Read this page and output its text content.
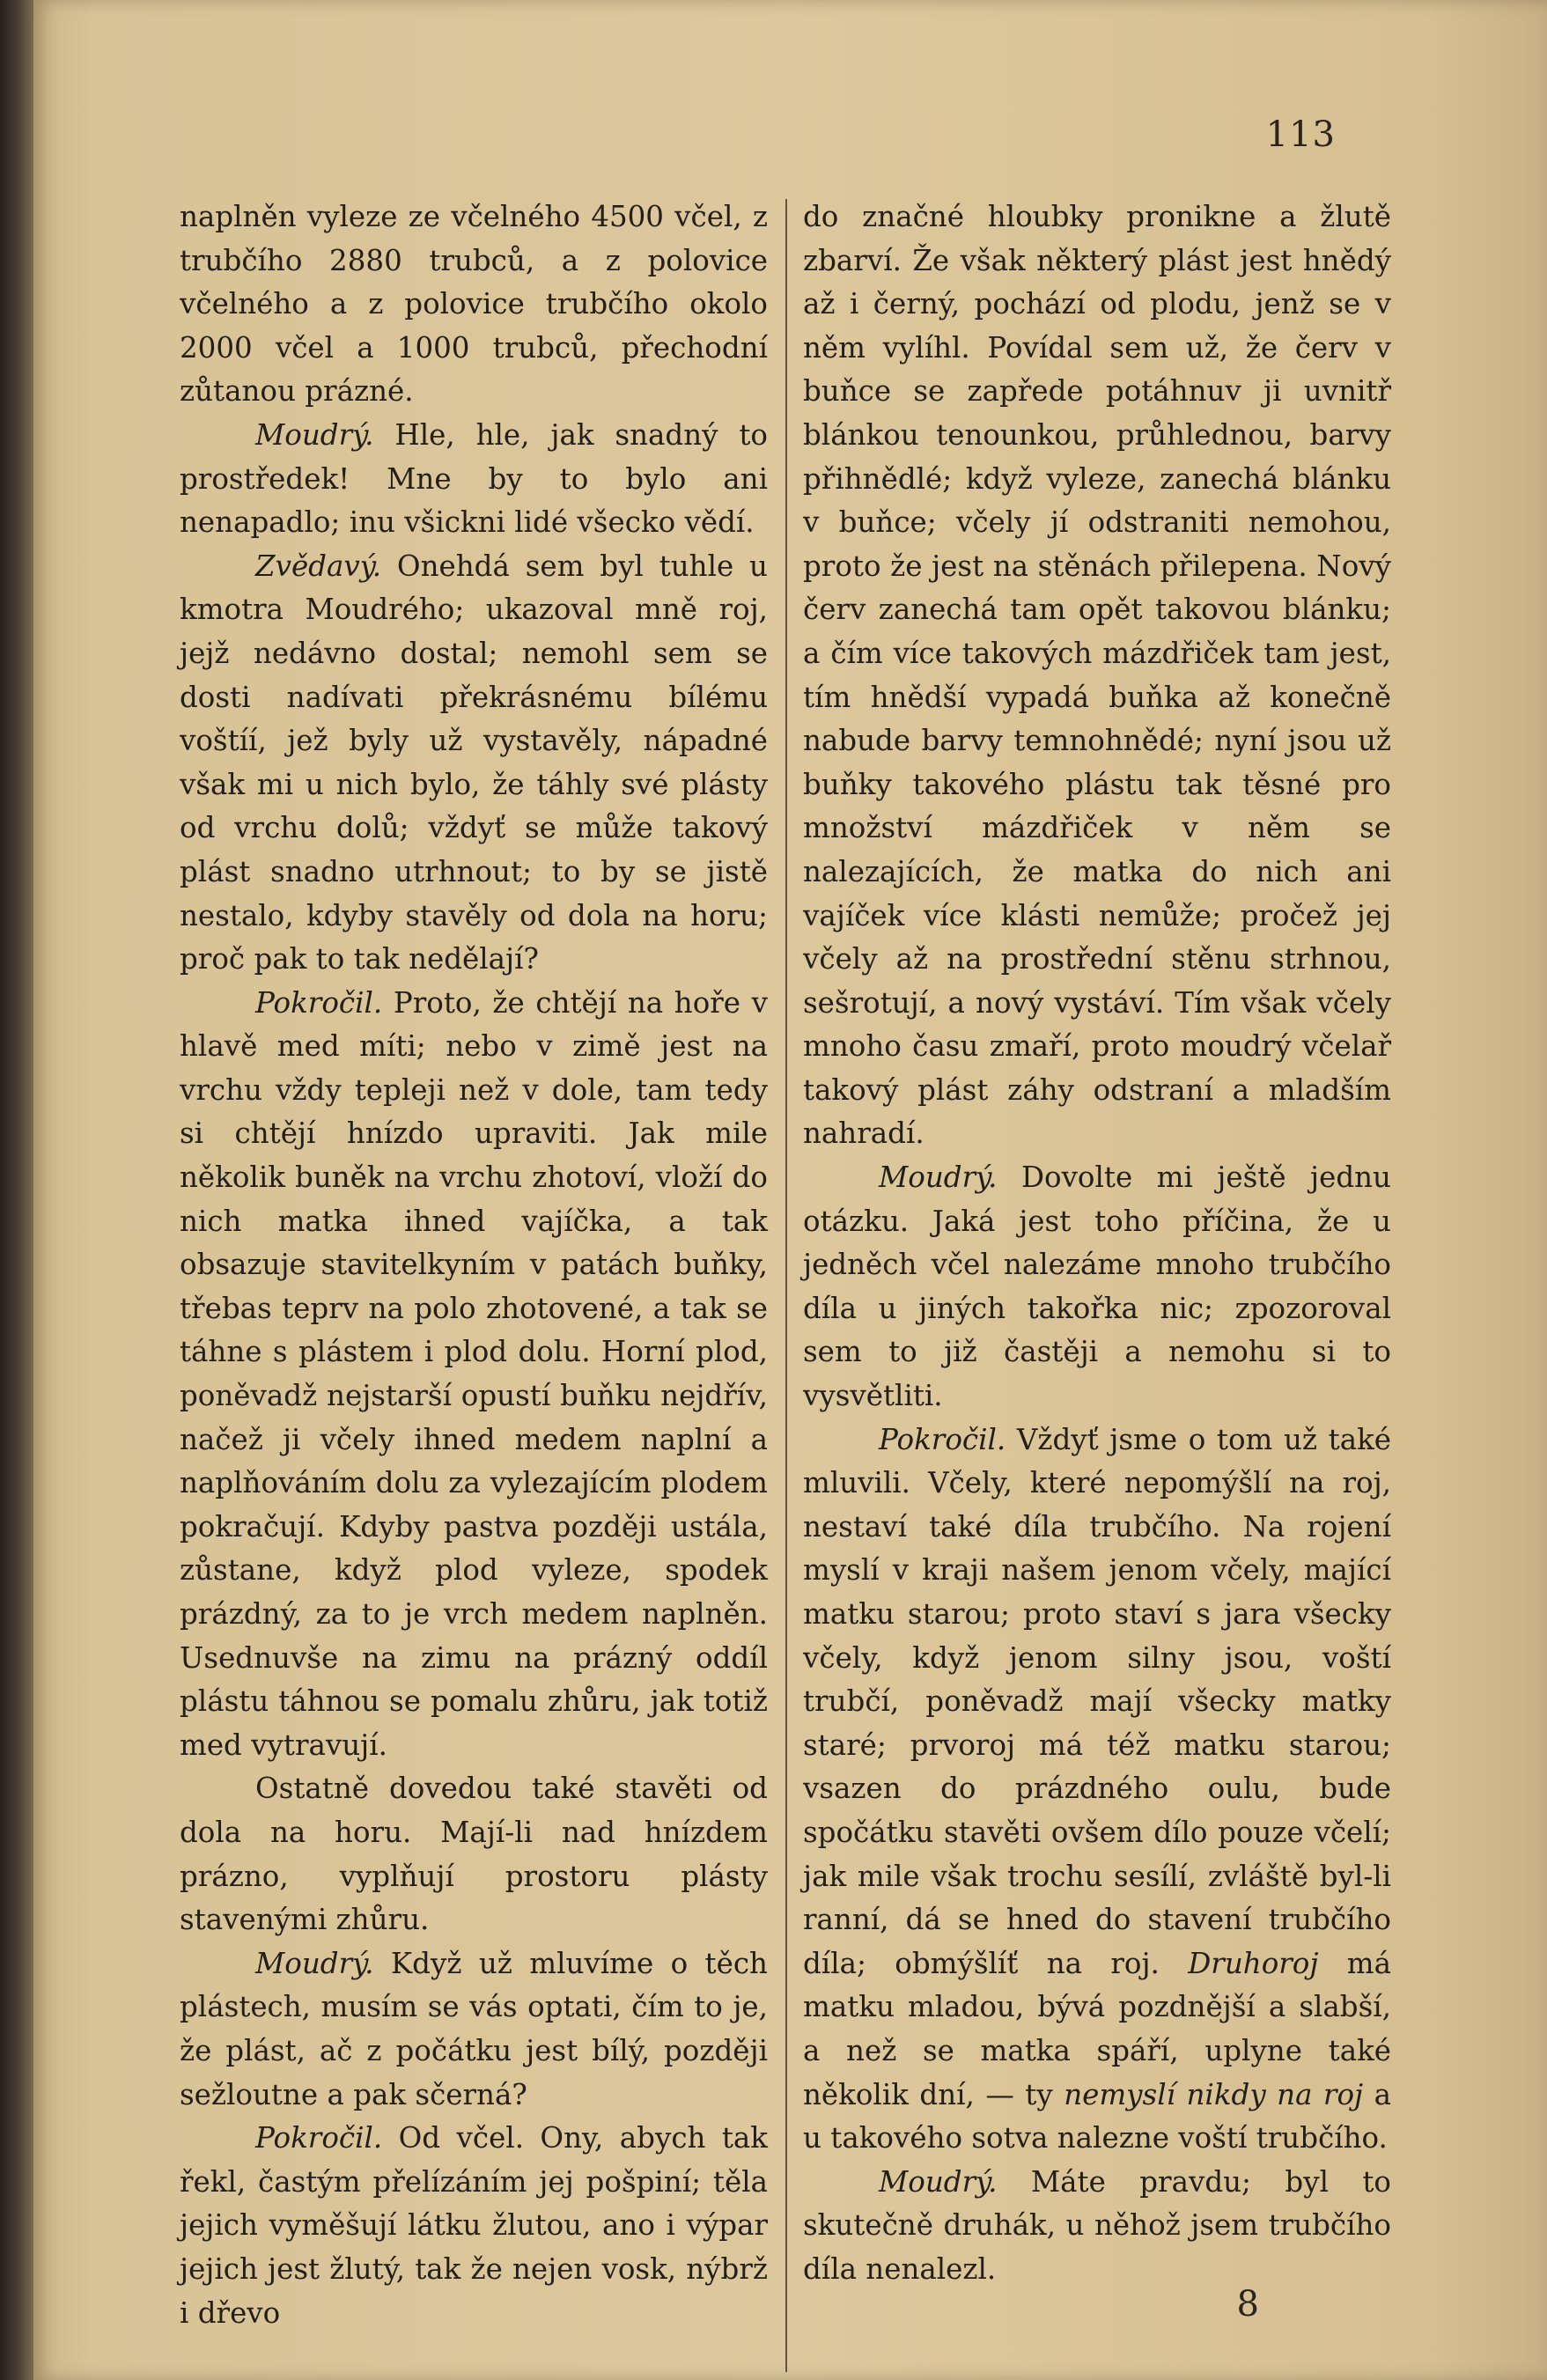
113

naplněn vyleze ze včelného 4500 včel, z trubčího 2880 trubců, a z polovice včelného a z polovice trubčího okolo 2000 včel a 1000 trubců, přechodní zůtanou prázné.

Moudrý. Hle, hle, jak snadný to prostředek! Mne by to bylo ani nenapadlo; inu všickni lidé všecko vědí.

Zvědavý. Onehdá sem byl tuhle u kmotra Moudrého; ukazoval mně roj, jejž nedávno dostal; nemohl sem se dosti nadívati překrásnému bílému voštíí, jež byly už vystavěly, nápadné však mi u nich bylo, že táhly své plásty od vrchu dolů; vždyť se může takový plást snadno utrhnout; to by se jistě nestalo, kdyby stavěly od dola na horu; proč pak to tak nedělají?

Pokročil. Proto, že chtějí na hoře v hlavě med míti; nebo v zimě jest na vrchu vždy tepleji než v dole, tam tedy si chtějí hnízdo upraviti. Jak mile několik buněk na vrchu zhotoví, vloží do nich matka ihned vajíčka, a tak obsazuje stavitelkyním v patách buňky, třebas teprv na polo zhotovené, a tak se táhne s plástem i plod dolu. Horní plod, poněvadž nejstarší opustí buňku nejdřív, načež ji včely ihned medem naplní a naplňováním dolu za vylezajícím plodem pokračují. Kdyby pastva později ustála, zůstane, když plod vyleze, spodek prázdný, za to je vrch medem naplněn. Usednuvše na zimu na prázný oddíl plástu táhnou se pomalu zhůru, jak totiž med vytravují.

Ostatně dovedou také stavěti od dola na horu. Mají-li nad hnízdem prázno, vyplňují prostoru plásty stavenými zhůru.

Moudrý. Když už mluvíme o těch plástech, musím se vás optati, čím to je, že plást, ač z počátku jest bílý, později sežloutne a pak sčerná?

Pokročil. Od včel. Ony, abych tak řekl, častým přelízáním jej pošpiní; těla jejich vyměšují látku žlutou, ano i výpar jejich jest žlutý, tak že nejen vosk, nýbrž i dřevo

do značné hloubky pronikne a žlutě zbarví. Že však některý plást jest hnědý až i černý, pochází od plodu, jenž se v něm vylíhl. Povídal sem už, že červ v buňce se zapřede potáhnuv ji uvnitř blánkou tenounkou, průhlednou, barvy přihnědlé; když vyleze, zanechá blánku v buňce; včely jí odstraniti nemohou, proto že jest na stěnách přilepena. Nový červ zanechá tam opět takovou blánku; a čím více takových mázdřiček tam jest, tím hnědší vypadá buňka až konečně nabude barvy temnohnědé; nyní jsou už buňky takového plástu tak těsné pro množství mázdřiček v něm se nalezajících, že matka do nich ani vajíček více klásti nemůže; pročež jej včely až na prostřední stěnu strhnou, sešrotují, a nový vystáví. Tím však včely mnoho času zmaří, proto moudrý včelař takový plást záhy odstraní a mladším nahradí.

Moudrý. Dovolte mi ještě jednu otázku. Jaká jest toho příčina, že u jedněch včel nalezáme mnoho trubčího díla u jiných takořka nic; zpozoroval sem to již častěji a nemohu si to vysvětliti.

Pokročil. Vždyť jsme o tom už také mluvili. Včely, které nepomýšlí na roj, nestaví také díla trubčího. Na rojení myslí v kraji našem jenom včely, mající matku starou; proto staví s jara všecky včely, když jenom silny jsou, voští trubčí, poněvadž mají všecky matky staré; prvoroj má též matku starou; vsazen do prázdného oulu, bude spočátku stavěti ovšem dílo pouze včelí; jak mile však trochu sesílí, zvláště byl-li ranní, dá se hned do stavení trubčího díla; obmýšlíť na roj. Druhoroj má matku mladou, bývá pozdnější a slabší, a než se matka spáří, uplyne také několik dní, — ty nemyslí nikdy na roj a u takového sotva nalezne voští trubčího.

Moudrý. Máte pravdu; byl to skutečně druhák, u něhož jsem trubčího díla nenalezl.

8
